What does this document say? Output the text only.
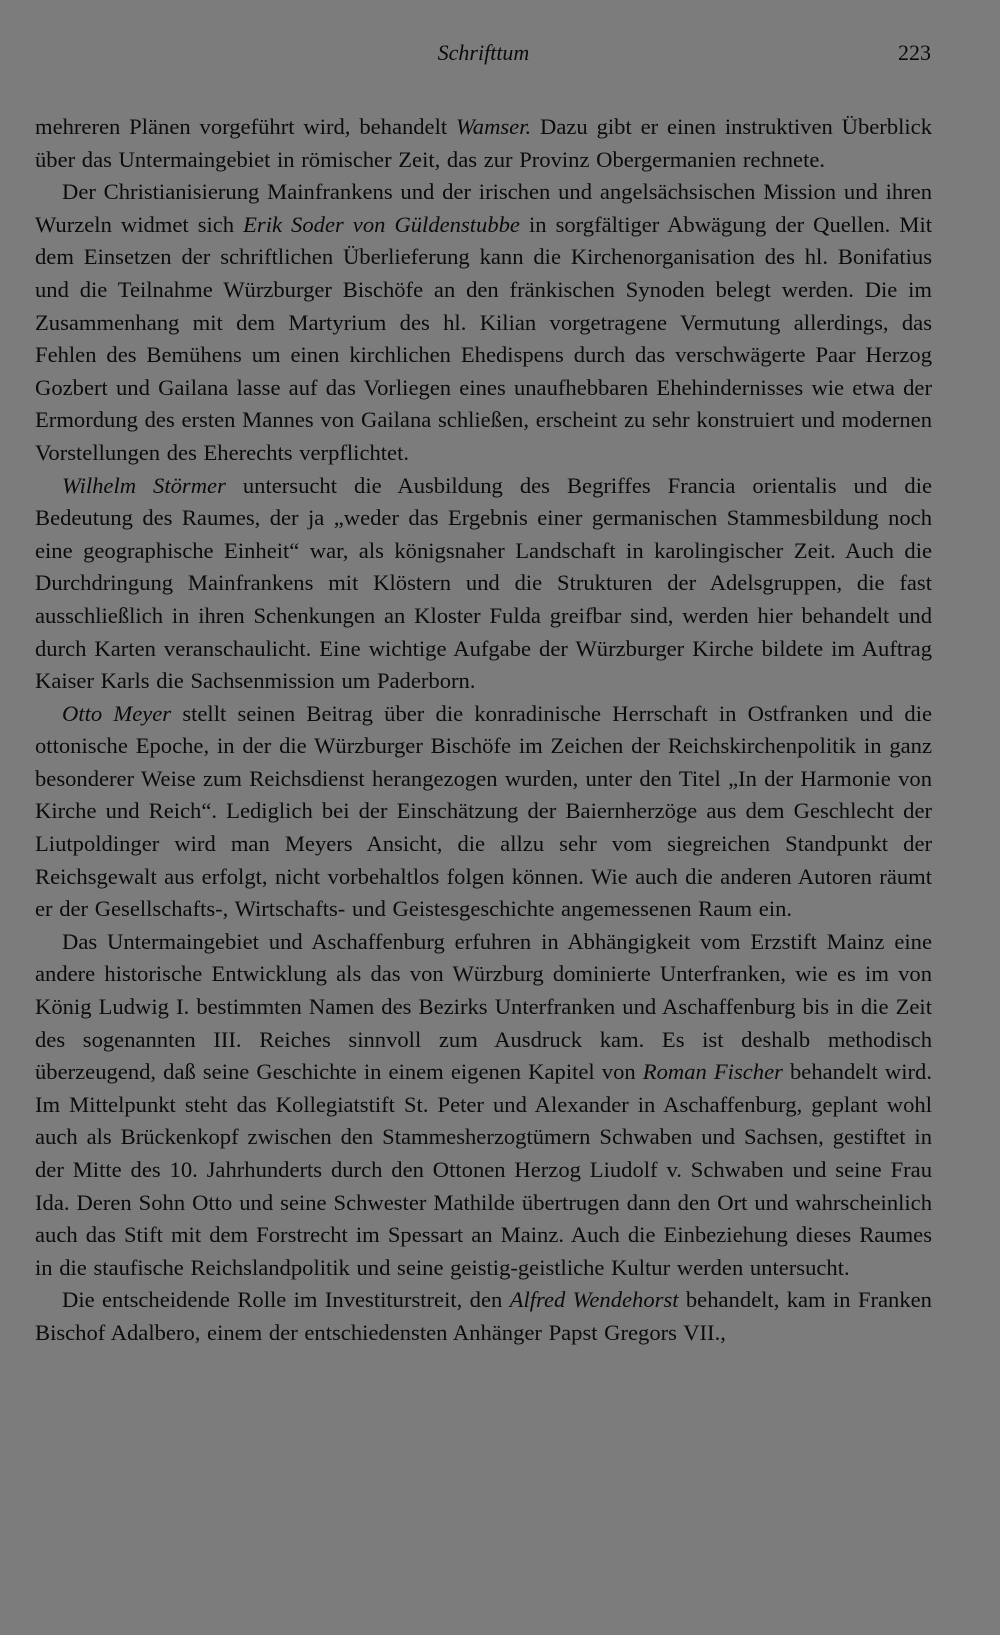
Schrifttum	223

mehreren Plänen vorgeführt wird, behandelt Wamser. Dazu gibt er einen instruktiven Überblick über das Untermaingebiet in römischer Zeit, das zur Provinz Obergermanien rechnete.

Der Christianisierung Mainfrankens und der irischen und angelsächsischen Mission und ihren Wurzeln widmet sich Erik Soder von Güldenstubbe in sorgfältiger Abwägung der Quellen. Mit dem Einsetzen der schriftlichen Überlieferung kann die Kirchenorganisation des hl. Bonifatius und die Teilnahme Würzburger Bischöfe an den fränkischen Synoden belegt werden. Die im Zusammenhang mit dem Martyrium des hl. Kilian vorgetragene Vermutung allerdings, das Fehlen des Bemühens um einen kirchlichen Ehedispens durch das verschwägerte Paar Herzog Gozbert und Gailana lasse auf das Vorliegen eines unaufhebbaren Ehehindernisses wie etwa der Ermordung des ersten Mannes von Gailana schließen, erscheint zu sehr konstruiert und modernen Vorstellungen des Eherechts verpflichtet.

Wilhelm Störmer untersucht die Ausbildung des Begriffes Francia orientalis und die Bedeutung des Raumes, der ja „weder das Ergebnis einer germanischen Stammesbildung noch eine geographische Einheit“ war, als königsnaher Landschaft in karolingischer Zeit. Auch die Durchdringung Mainfrankens mit Klöstern und die Strukturen der Adelsgruppen, die fast ausschließlich in ihren Schenkungen an Kloster Fulda greifbar sind, werden hier behandelt und durch Karten veranschaulicht. Eine wichtige Aufgabe der Würzburger Kirche bildete im Auftrag Kaiser Karls die Sachsenmission um Paderborn.

Otto Meyer stellt seinen Beitrag über die konradinische Herrschaft in Ostfranken und die ottonische Epoche, in der die Würzburger Bischöfe im Zeichen der Reichskirchenpolitik in ganz besonderer Weise zum Reichsdienst herangezogen wurden, unter den Titel „In der Harmonie von Kirche und Reich“. Lediglich bei der Einschätzung der Baiernherzöge aus dem Geschlecht der Liutpoldinger wird man Meyers Ansicht, die allzu sehr vom siegreichen Standpunkt der Reichsgewalt aus erfolgt, nicht vorbehaltlos folgen können. Wie auch die anderen Autoren räumt er der Gesellschafts-, Wirtschafts- und Geistesgeschichte angemessenen Raum ein.

Das Untermaingebiet und Aschaffenburg erfuhren in Abhängigkeit vom Erzstift Mainz eine andere historische Entwicklung als das von Würzburg dominierte Unterfranken, wie es im von König Ludwig I. bestimmten Namen des Bezirks Unterfranken und Aschaffenburg bis in die Zeit des sogenannten III. Reiches sinnvoll zum Ausdruck kam. Es ist deshalb methodisch überzeugend, daß seine Geschichte in einem eigenen Kapitel von Roman Fischer behandelt wird. Im Mittelpunkt steht das Kollegiatstift St. Peter und Alexander in Aschaffenburg, geplant wohl auch als Brückenkopf zwischen den Stammesherzogtümern Schwaben und Sachsen, gestiftet in der Mitte des 10. Jahrhunderts durch den Ottonen Herzog Liudolf v. Schwaben und seine Frau Ida. Deren Sohn Otto und seine Schwester Mathilde übertrugen dann den Ort und wahrscheinlich auch das Stift mit dem Forstrecht im Spessart an Mainz. Auch die Einbeziehung dieses Raumes in die staufische Reichslandpolitik und seine geistig-geistliche Kultur werden untersucht.

Die entscheidende Rolle im Investiturstreit, den Alfred Wendehorst behandelt, kam in Franken Bischof Adalbero, einem der entschiedensten Anhänger Papst Gregors VII.,
